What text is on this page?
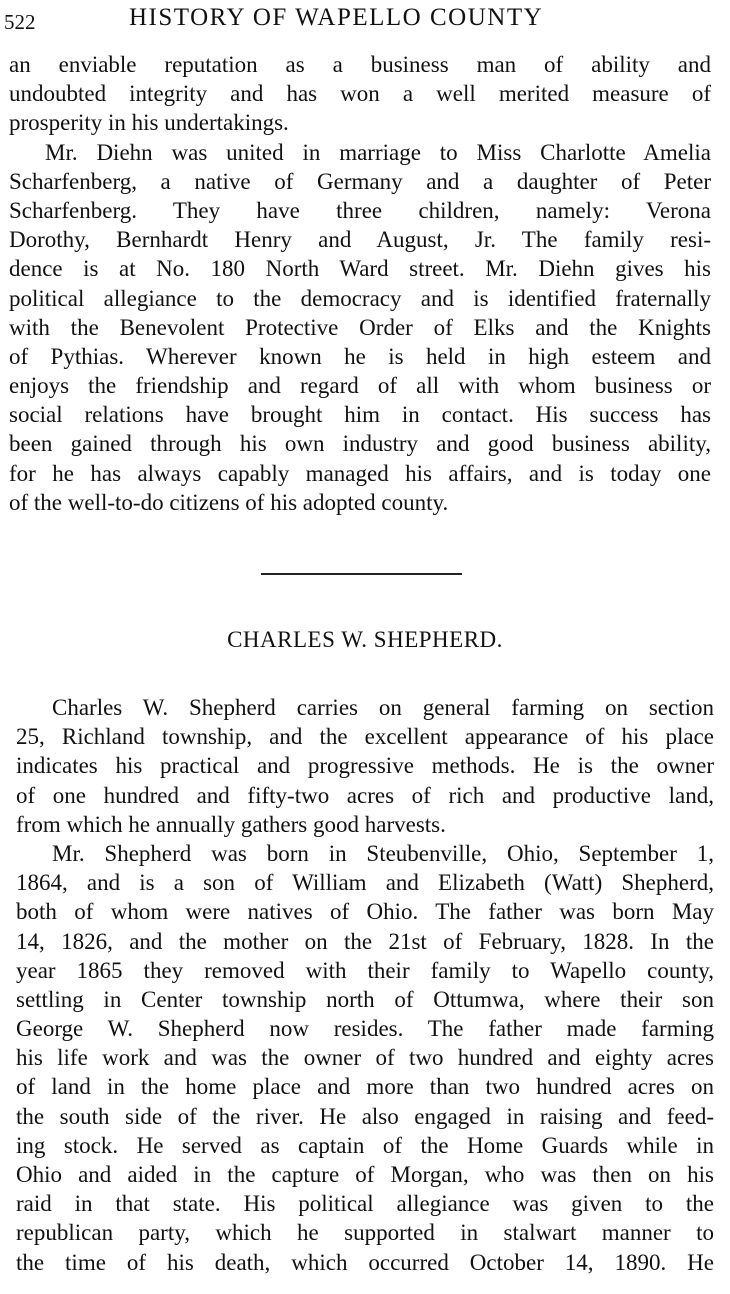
522	HISTORY OF WAPELLO COUNTY
an enviable reputation as a business man of ability and
undoubted integrity and has won a well merited measure of
prosperity in his undertakings.
Mr. Diehn was united in marriage to Miss Charlotte Amelia
Scharfenberg, a native of Germany and a daughter of Peter
Scharfenberg. They have three children, namely: Verona
Dorothy, Bernhardt Henry and August, Jr. The family resi-
dence is at No. 180 North Ward street. Mr. Diehn gives his
political allegiance to the democracy and is identified fraternally
with the Benevolent Protective Order of Elks and the Knights
of Pythias. Wherever known he is held in high esteem and
enjoys the friendship and regard of all with whom business or
social relations have brought him in contact. His success has
been gained through his own industry and good business ability,
for he has always capably managed his affairs, and is today one
of the well-to-do citizens of his adopted county.
CHARLES W. SHEPHERD.
Charles W. Shepherd carries on general farming on section
25, Richland township, and the excellent appearance of his place
indicates his practical and progressive methods. He is the owner
of one hundred and fifty-two acres of rich and productive land,
from which he annually gathers good harvests.
Mr. Shepherd was born in Steubenville, Ohio, September 1,
1864, and is a son of William and Elizabeth (Watt) Shepherd,
both of whom were natives of Ohio. The father was born May
14, 1826, and the mother on the 21st of February, 1828. In the
year 1865 they removed with their family to Wapello county,
settling in Center township north of Ottumwa, where their son
George W. Shepherd now resides. The father made farming
his life work and was the owner of two hundred and eighty acres
of land in the home place and more than two hundred acres on
the south side of the river. He also engaged in raising and feed-
ing stock. He served as captain of the Home Guards while in
Ohio and aided in the capture of Morgan, who was then on his
raid in that state. His political allegiance was given to the
republican party, which he supported in stalwart manner to
the time of his death, which occurred October 14, 1890. He
